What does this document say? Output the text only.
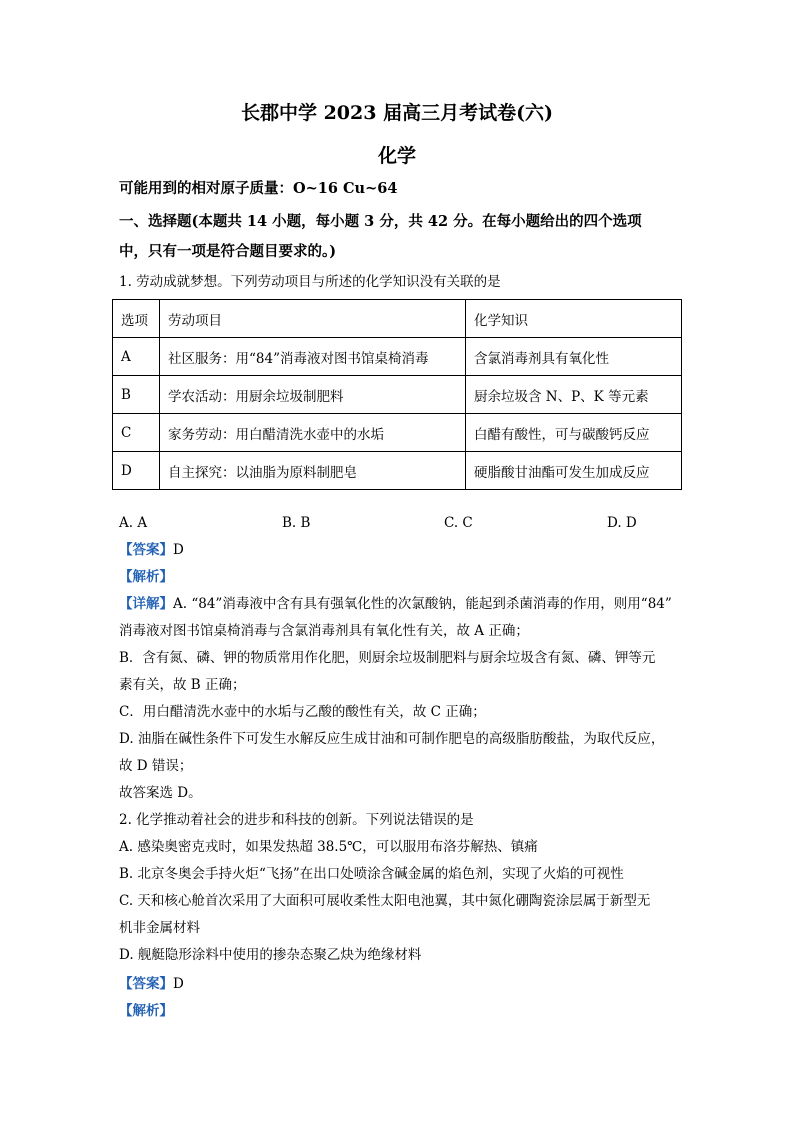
长郡中学 2023 届高三月考试卷(六)
化学
可能用到的相对原子质量：O~16 Cu~64
一、选择题(本题共 14 小题，每小题 3 分，共 42 分。在每小题给出的四个选项
中，只有一项是符合题目要求的。)
1. 劳动成就梦想。下列劳动项目与所述的化学知识没有关联的是
选项	劳动项目	化学知识
A	社区服务：用“84”消毒液对图书馆桌椅消毒	含氯消毒剂具有氧化性
B	学农活动：用厨余垃圾制肥料	厨余垃圾含 N、P、K 等元素
C	家务劳动：用白醋清洗水壶中的水垢	白醋有酸性，可与碳酸钙反应
D	自主探究：以油脂为原料制肥皂	硬脂酸甘油酯可发生加成反应
A. A	B. B	C. C	D. D
【答案】D
【解析】
【详解】A. “84”消毒液中含有具有强氧化性的次氯酸钠，能起到杀菌消毒的作用，则用“84”
消毒液对图书馆桌椅消毒与含氯消毒剂具有氧化性有关，故 A 正确；
B．含有氮、磷、钾的物质常用作化肥，则厨余垃圾制肥料与厨余垃圾含有氮、磷、钾等元
素有关，故 B 正确；
C．用白醋清洗水壶中的水垢与乙酸的酸性有关，故 C 正确；
D. 油脂在碱性条件下可发生水解反应生成甘油和可制作肥皂的高级脂肪酸盐，为取代反应，
故 D 错误；
故答案选 D。
2. 化学推动着社会的进步和科技的创新。下列说法错误的是
A. 感染奥密克戎时，如果发热超 38.5℃，可以服用布洛芬解热、镇痛
B. 北京冬奥会手持火炬“飞扬”在出口处喷涂含碱金属的焰色剂，实现了火焰的可视性
C. 天和核心舱首次采用了大面积可展收柔性太阳电池翼，其中氮化硼陶瓷涂层属于新型无
机非金属材料
D. 舰艇隐形涂料中使用的掺杂态聚乙炔为绝缘材料
【答案】D
【解析】
